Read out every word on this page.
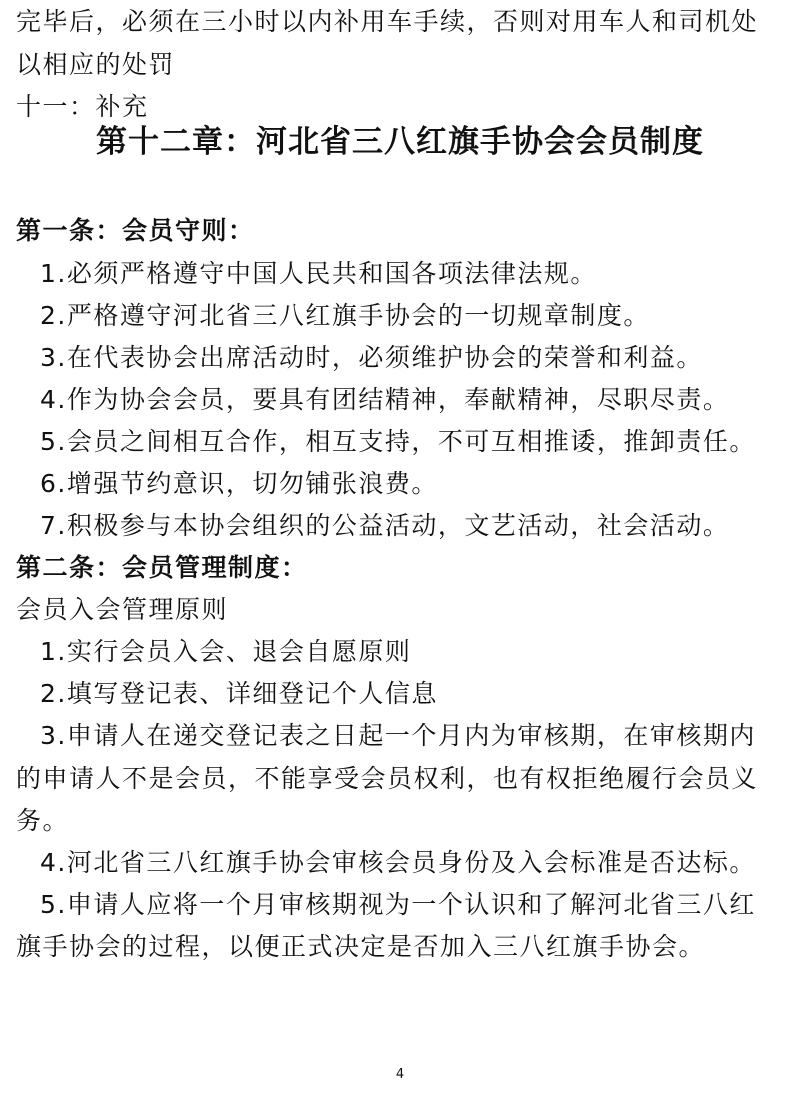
完毕后，必须在三小时以内补用车手续，否则对用车人和司机处
以相应的处罚
十一：补充
第十二章：河北省三八红旗手协会会员制度
第一条：会员守则：
1.必须严格遵守中国人民共和国各项法律法规。
2.严格遵守河北省三八红旗手协会的一切规章制度。
3.在代表协会出席活动时，必须维护协会的荣誉和利益。
4.作为协会会员，要具有团结精神，奉献精神，尽职尽责。
5.会员之间相互合作，相互支持，不可互相推诿，推卸责任。
6.增强节约意识，切勿铺张浪费。
7.积极参与本协会组织的公益活动，文艺活动，社会活动。
第二条：会员管理制度：
会员入会管理原则
1.实行会员入会、退会自愿原则
2.填写登记表、详细登记个人信息
3.申请人在递交登记表之日起一个月内为审核期，在审核期内
的申请人不是会员，不能享受会员权利，也有权拒绝履行会员义
务。
4.河北省三八红旗手协会审核会员身份及入会标准是否达标。
5.申请人应将一个月审核期视为一个认识和了解河北省三八红
旗手协会的过程，以便正式决定是否加入三八红旗手协会。
4
